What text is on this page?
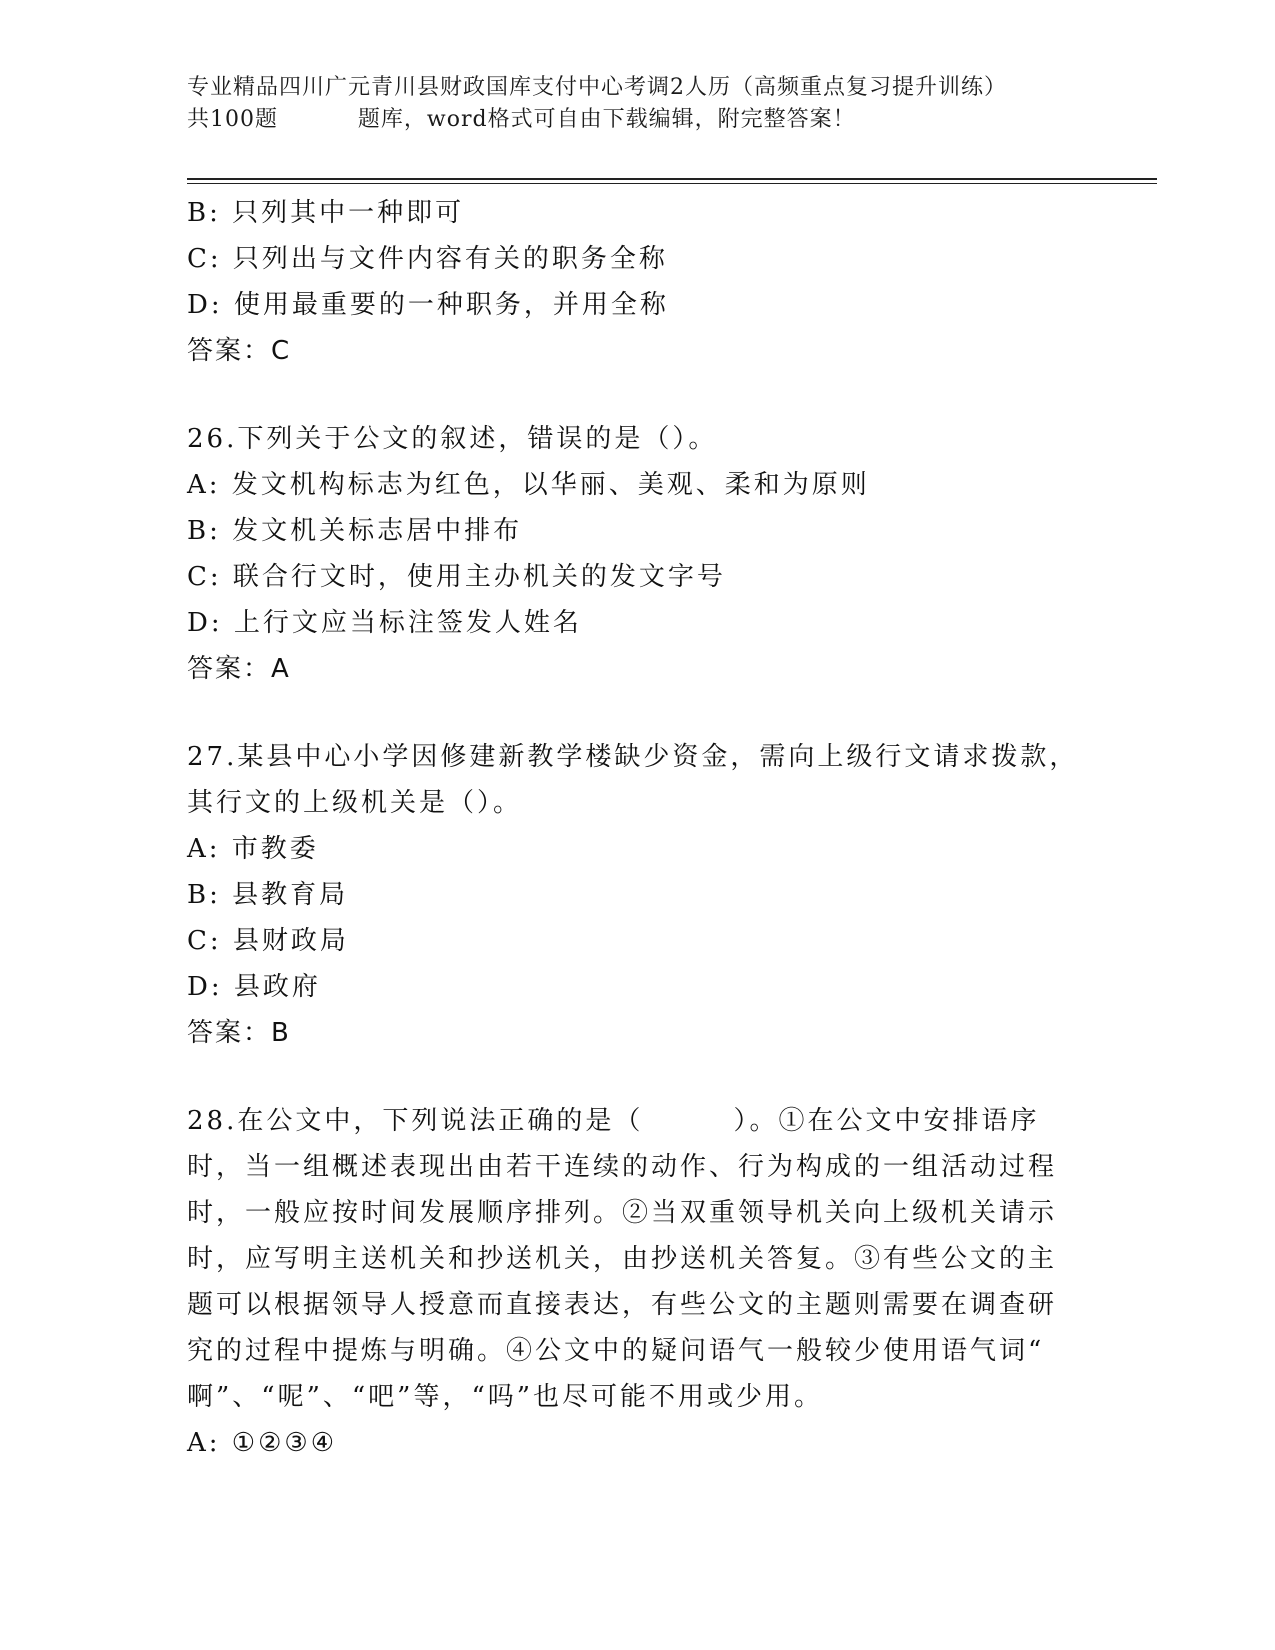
专业精品四川广元青川县财政国库支付中心考调2人历（高频重点复习提升训练）
共100题          题库，word格式可自由下载编辑，附完整答案！
B: 只列其中一种即可
C: 只列出与文件内容有关的职务全称
D: 使用最重要的一种职务，并用全称
答案：C
26.下列关于公文的叙述，错误的是（）。
A: 发文机构标志为红色，以华丽、美观、柔和为原则
B: 发文机关标志居中排布
C: 联合行文时，使用主办机关的发文字号
D: 上行文应当标注签发人姓名
答案：A
27.某县中心小学因修建新教学楼缺少资金，需向上级行文请求拨款，
其行文的上级机关是（）。
A: 市教委
B: 县教育局
C: 县财政局
D: 县政府
答案：B
28.在公文中，下列说法正确的是（        ）。①在公文中安排语序
时，当一组概述表现出由若干连续的动作、行为构成的一组活动过程
时，一般应按时间发展顺序排列。②当双重领导机关向上级机关请示
时，应写明主送机关和抄送机关，由抄送机关答复。③有些公文的主
题可以根据领导人授意而直接表达，有些公文的主题则需要在调查研
究的过程中提炼与明确。④公文中的疑问语气一般较少使用语气词“
啊”、“呢”、“吧”等，“吗”也尽可能不用或少用。
A: ①②③④
